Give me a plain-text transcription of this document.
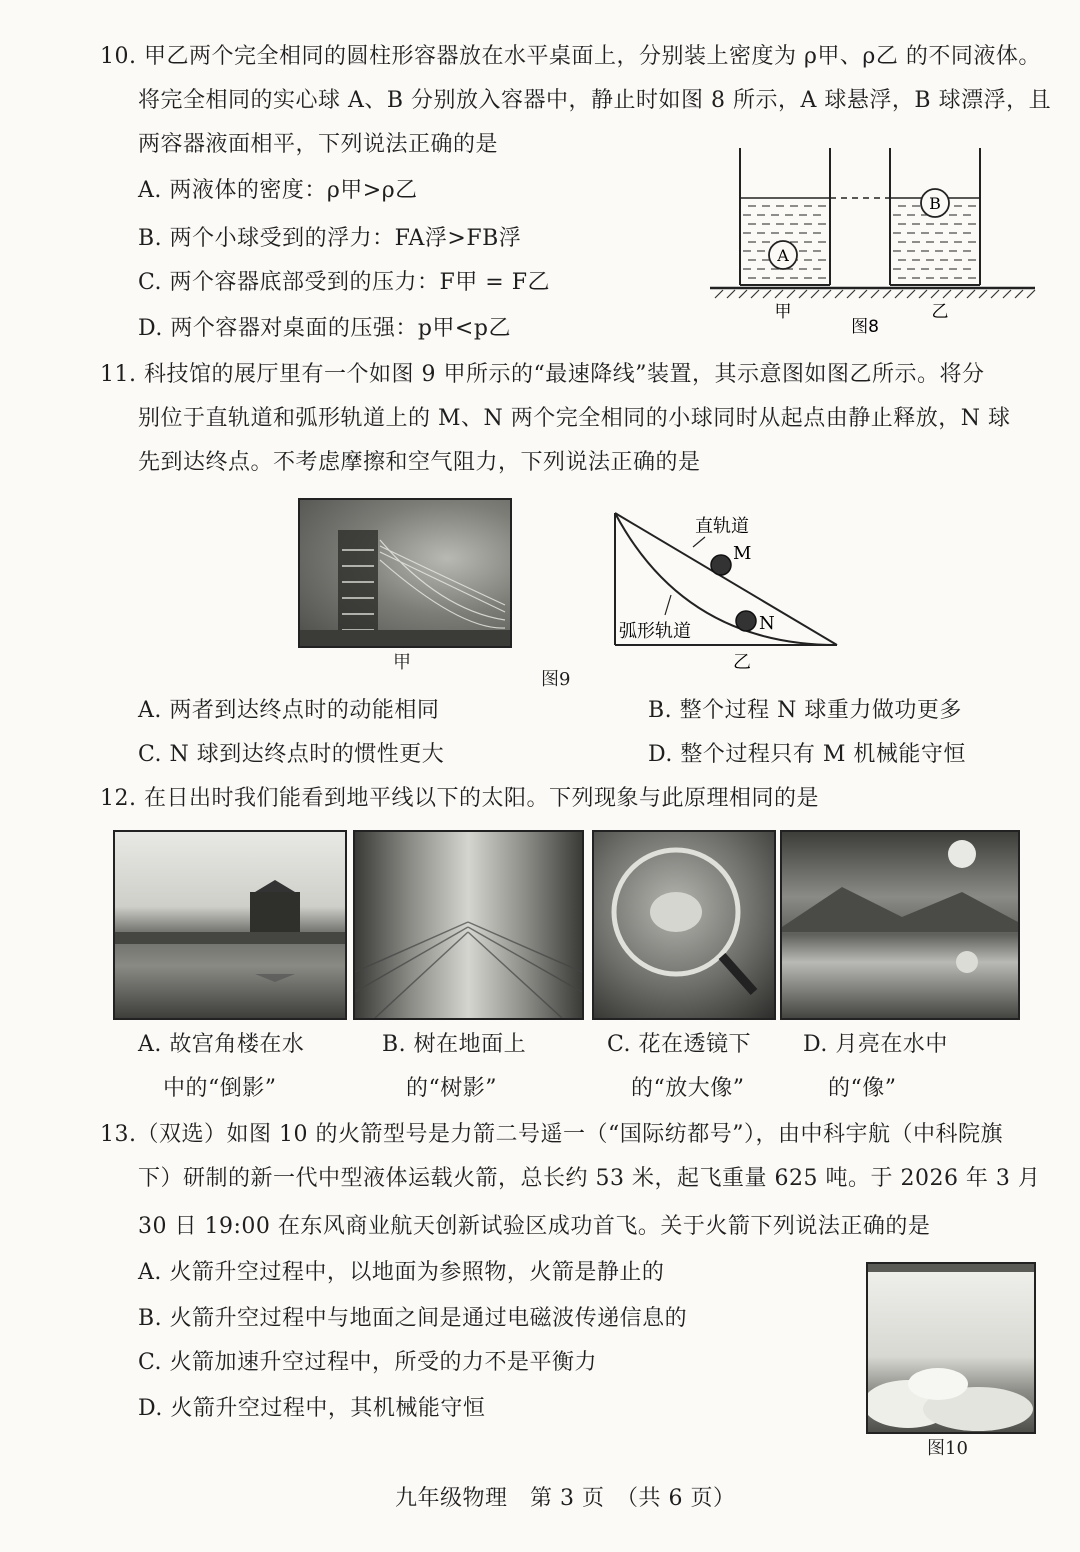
10. 甲乙两个完全相同的圆柱形容器放在水平桌面上，分别装上密度为 ρ甲、ρ乙 的不同液体。
将完全相同的实心球 A、B 分别放入容器中，静止时如图 8 所示，A 球悬浮，B 球漂浮，且
两容器液面相平，下列说法正确的是
A. 两液体的密度：ρ甲>ρ乙
B. 两个小球受到的浮力：FA浮>FB浮
C. 两个容器底部受到的压力：F甲 = F乙
D. 两个容器对桌面的压强：p甲<p乙
A
B
甲	乙
图8
11. 科技馆的展厅里有一个如图 9 甲所示的“最速降线”装置，其示意图如图乙所示。将分
别位于直轨道和弧形轨道上的 M、N 两个完全相同的小球同时从起点由静止释放，N 球
先到达终点。不考虑摩擦和空气阻力，下列说法正确的是
甲
直轨道
M
N
弧形轨道
乙
图9
A. 两者到达终点时的动能相同	B. 整个过程 N 球重力做功更多
C. N 球到达终点时的惯性更大	D. 整个过程只有 M 机械能守恒
12. 在日出时我们能看到地平线以下的太阳。下列现象与此原理相同的是
A. 故宫角楼在水
中的“倒影”
B. 树在地面上
的“树影”
C. 花在透镜下
的“放大像”
D. 月亮在水中
的“像”
13.（双选）如图 10 的火箭型号是力箭二号遥一（“国际纺都号”），由中科宇航（中科院旗
下）研制的新一代中型液体运载火箭，总长约 53 米，起飞重量 625 吨。于 2026 年 3 月
30 日 19:00 在东风商业航天创新试验区成功首飞。关于火箭下列说法正确的是
A. 火箭升空过程中，以地面为参照物，火箭是静止的
B. 火箭升空过程中与地面之间是通过电磁波传递信息的
C. 火箭加速升空过程中，所受的力不是平衡力
D. 火箭升空过程中，其机械能守恒
图10
九年级物理　第 3 页　（共 6 页）
